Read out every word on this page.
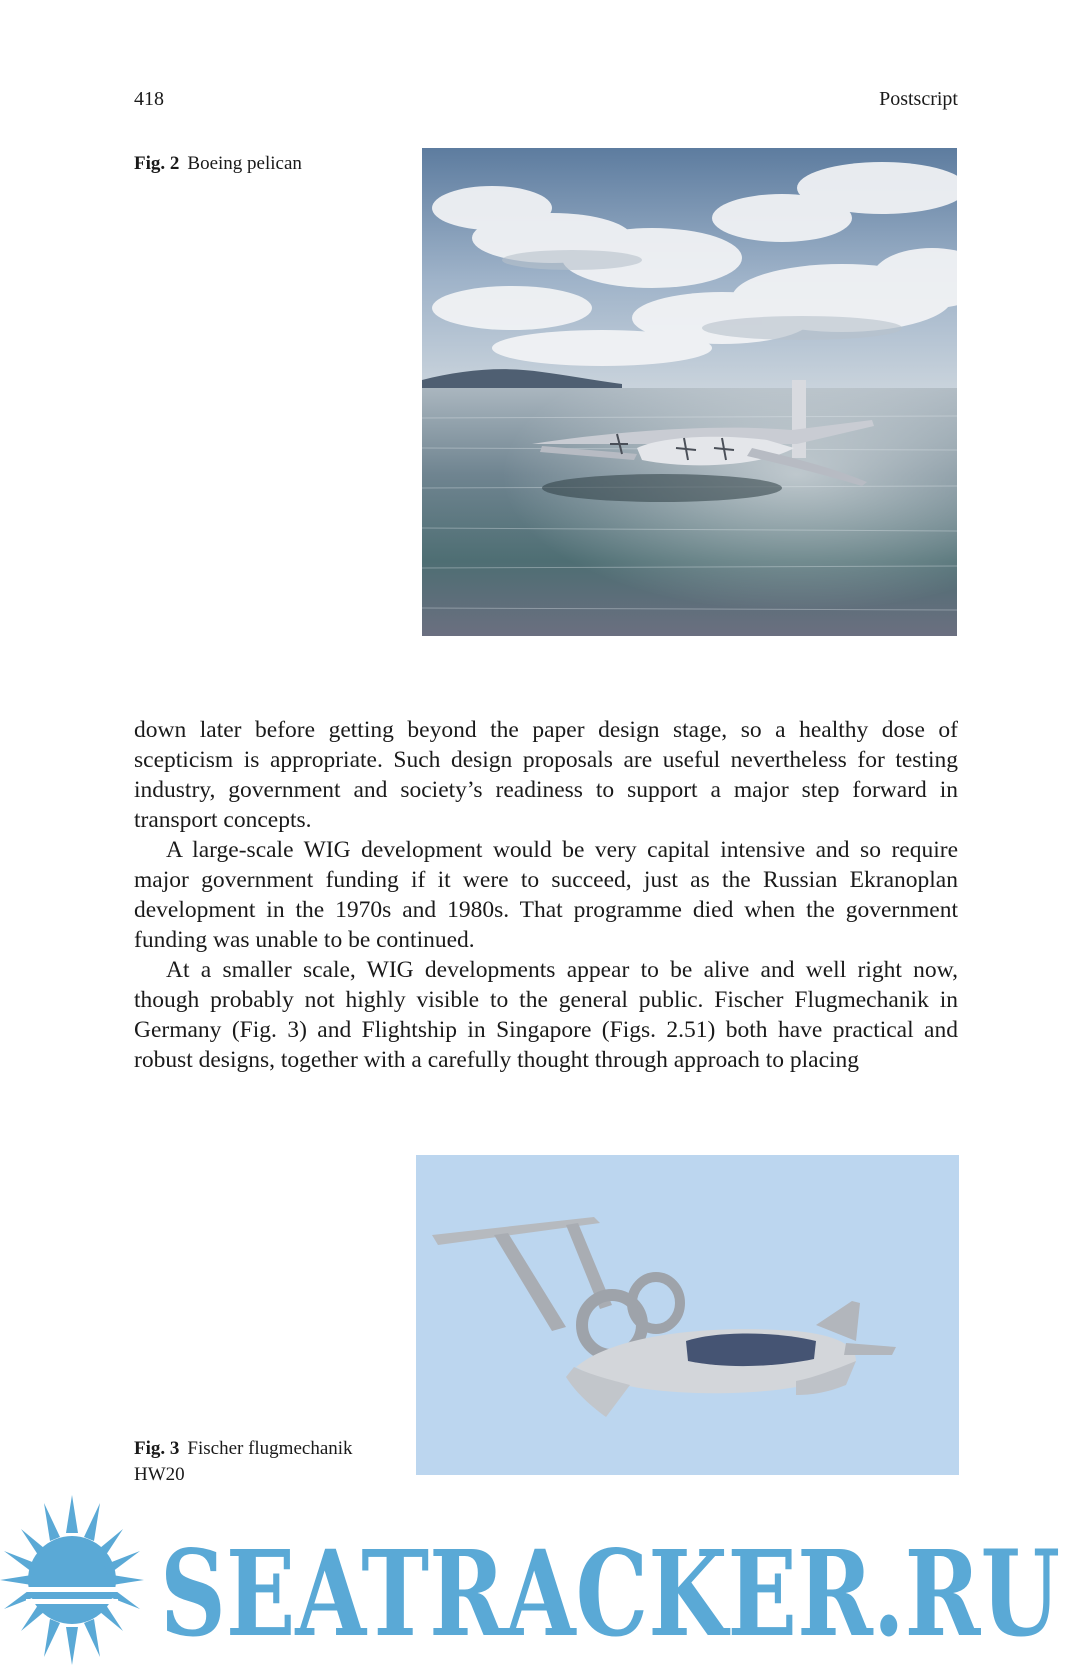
418	Postscript
Fig. 2 Boeing pelican

down later before getting beyond the paper design stage, so a healthy dose of scepticism is appropriate. Such design proposals are useful nevertheless for testing industry, government and society’s readiness to support a major step forward in transport concepts.

A large-scale WIG development would be very capital intensive and so require major government funding if it were to succeed, just as the Russian Ekranoplan development in the 1970s and 1980s. That programme died when the government funding was unable to be continued.

At a smaller scale, WIG developments appear to be alive and well right now, though probably not highly visible to the general public. Fischer Flugmechanik in Germany (Fig. 3) and Flightship in Singapore (Figs. 2.51) both have practical and robust designs, together with a carefully thought through approach to placing

Fig. 3 Fischer flugmechanik HW20
SEATRACKER.RU
